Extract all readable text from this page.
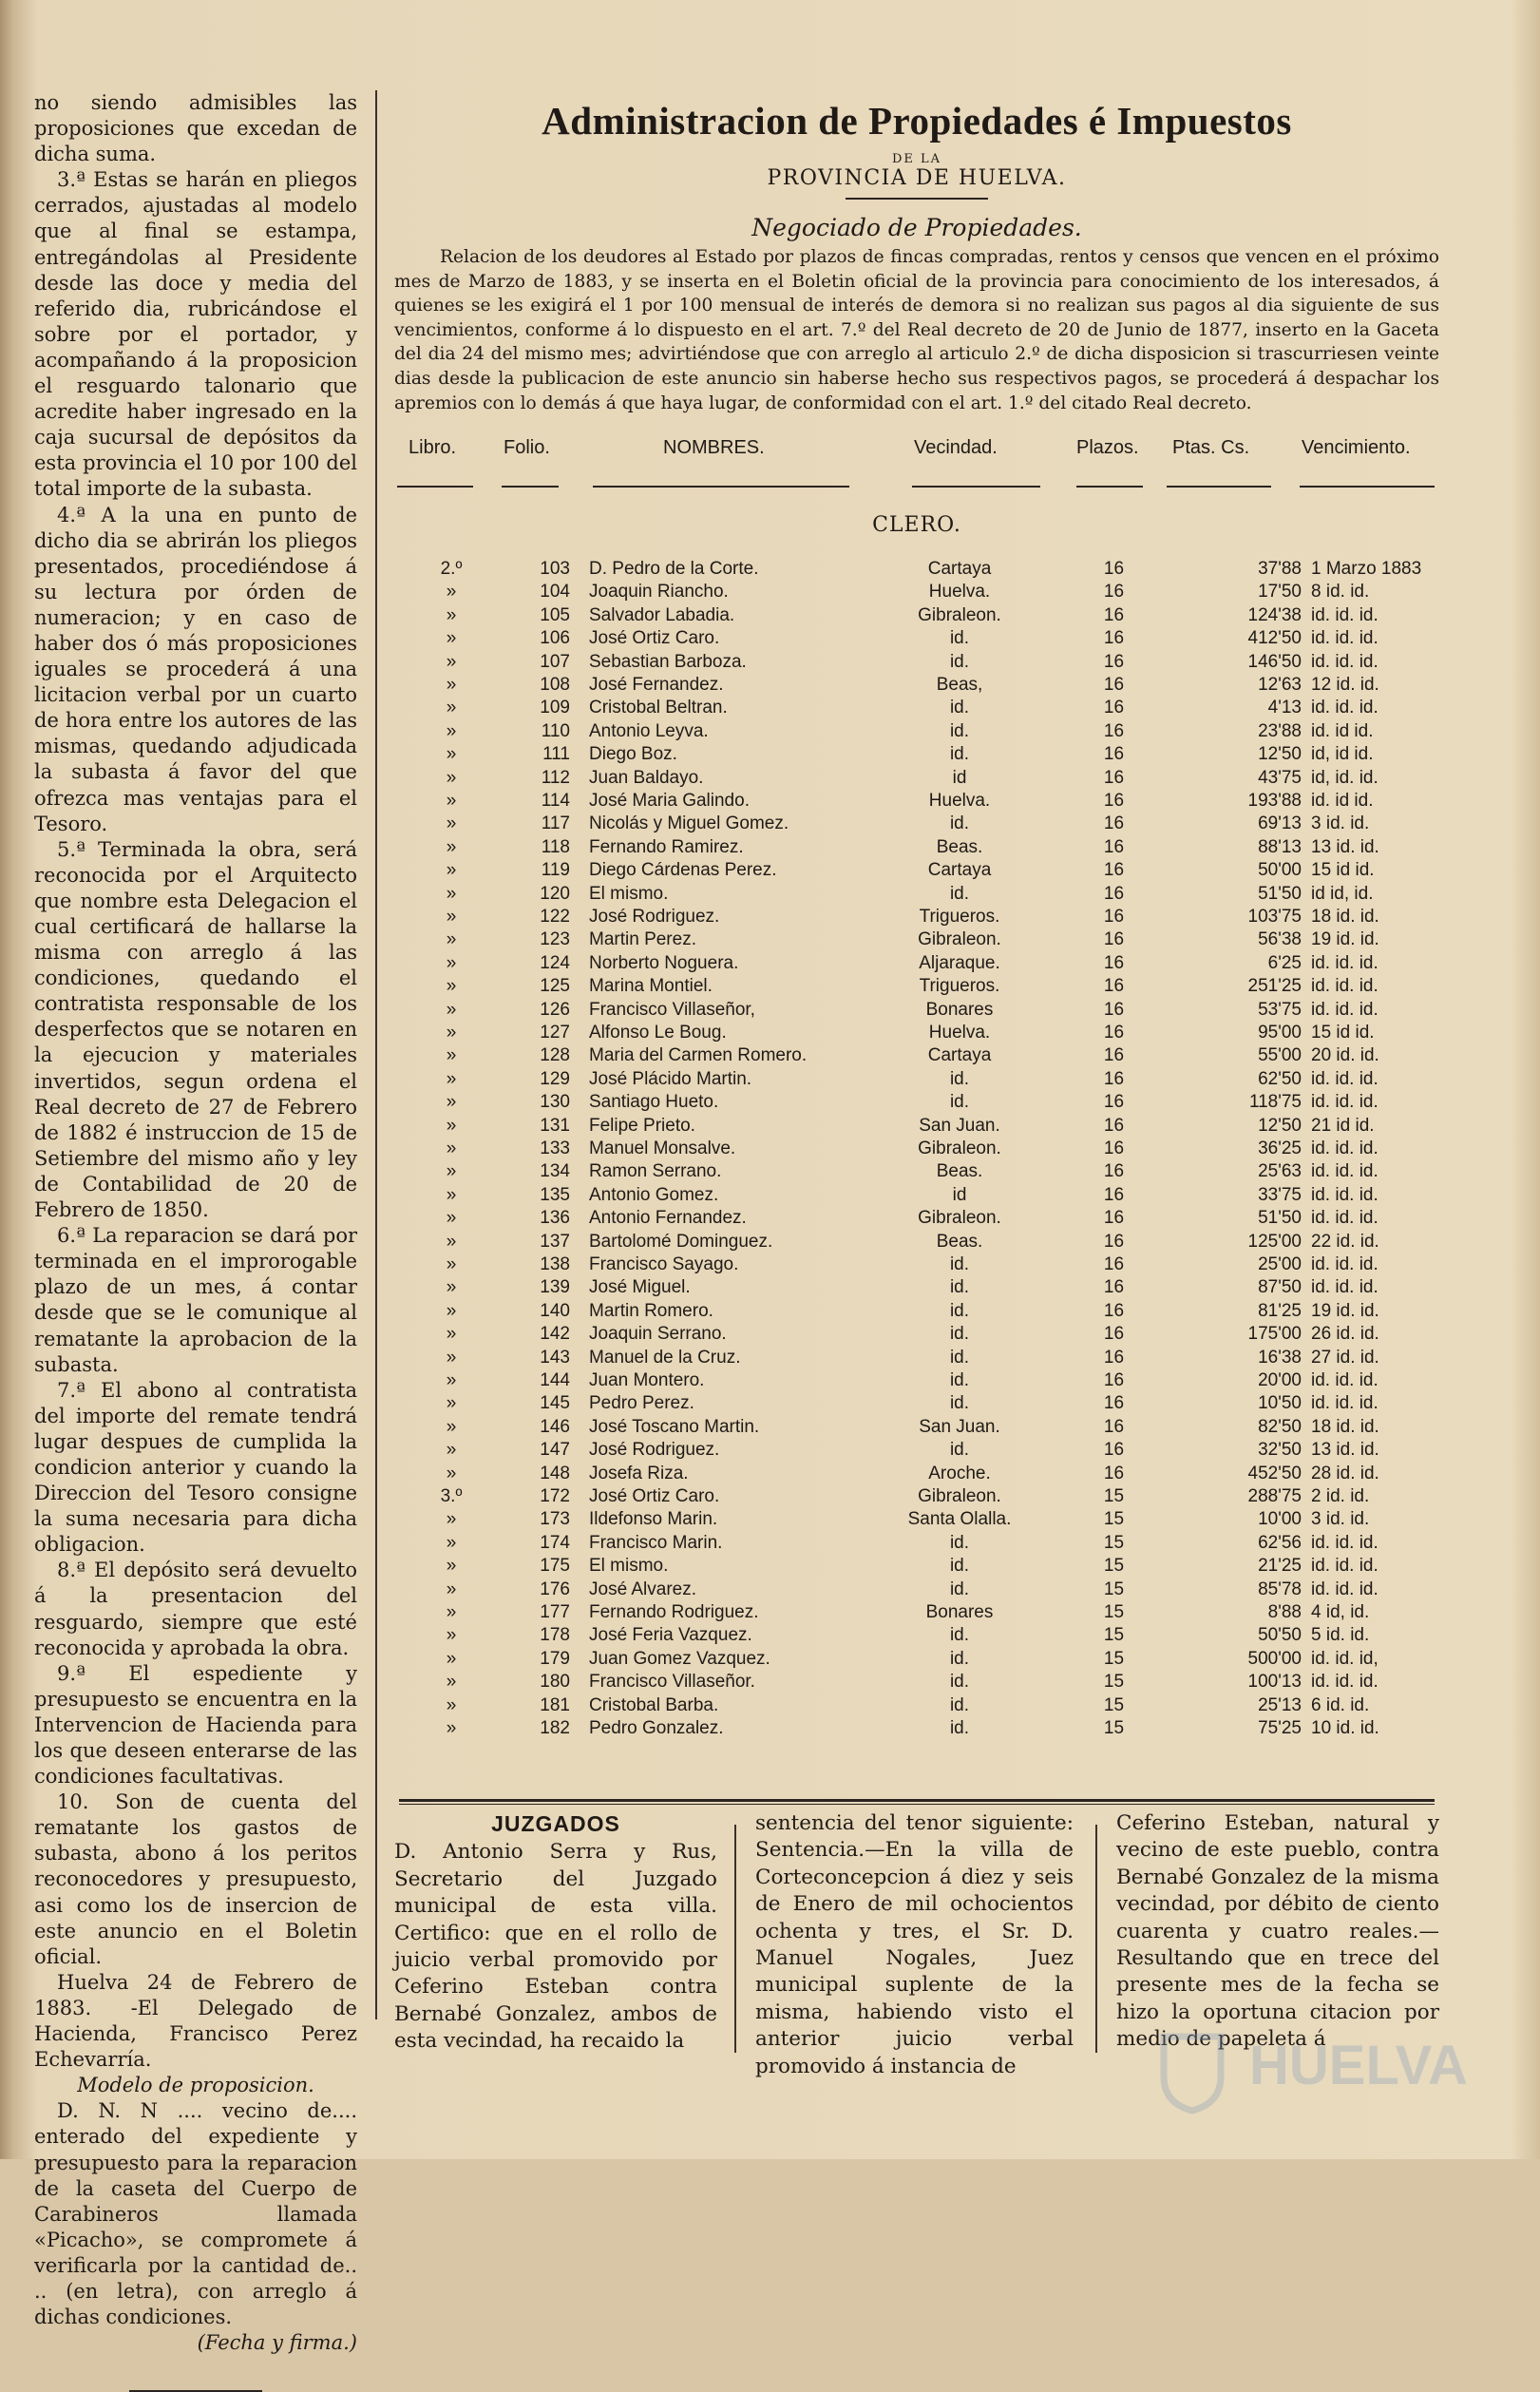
no siendo admisibles las proposiciones que excedan de dicha suma.

3.ª Estas se harán en pliegos cerrados, ajustadas al modelo que al final se estampa, entregándolas al Presidente desde las doce y media del referido dia, rubricándose el sobre por el portador, y acompañando á la proposicion el resguardo talonario que acredite haber ingresado en la caja sucursal de depósitos da esta provincia el 10 por 100 del total importe de la subasta.

4.ª A la una en punto de dicho dia se abrirán los pliegos presentados, procediéndose á su lectura por órden de numeracion; y en caso de haber dos ó más proposiciones iguales se procederá á una licitacion verbal por un cuarto de hora entre los autores de las mismas, quedando adjudicada la subasta á favor del que ofrezca mas ventajas para el Tesoro.

5.ª Terminada la obra, será reconocida por el Arquitecto que nombre esta Delegacion el cual certificará de hallarse la misma con arreglo á las condiciones, quedando el contratista responsable de los desperfectos que se notaren en la ejecucion y materiales invertidos, segun ordena el Real decreto de 27 de Febrero de 1882 é instruccion de 15 de Setiembre del mismo año y ley de Contabilidad de 20 de Febrero de 1850.

6.ª La reparacion se dará por terminada en el improrogable plazo de un mes, á contar desde que se le comunique al rematante la aprobacion de la subasta.

7.ª El abono al contratista del importe del remate tendrá lugar despues de cumplida la condicion anterior y cuando la Direccion del Tesoro consigne la suma necesaria para dicha obligacion.

8.ª El depósito será devuelto á la presentacion del resguardo, siempre que esté reconocida y aprobada la obra.

9.ª El espediente y presupuesto se encuentra en la Intervencion de Hacienda para los que deseen enterarse de las condiciones facultativas.

10. Son de cuenta del rematante los gastos de subasta, abono á los peritos reconocedores y presupuesto, asi como los de insercion de este anuncio en el Boletin oficial.

Huelva 24 de Febrero de 1883. -El Delegado de Hacienda, Francisco Perez Echevarría.

Modelo de proposicion.

D. N. N .... vecino de.... enterado del expediente y presupuesto para la reparacion de la caseta del Cuerpo de Carabineros llamada «Picacho», se compromete á verificarla por la cantidad de.. .. (en letra), con arreglo á dichas condiciones.

(Fecha y firma.)

Administracion de Propiedades é Impuestos
DE LA
PROVINCIA DE HUELVA.
Negociado de Propiedades.
Relacion de los deudores al Estado por plazos de fincas compradas, rentos y censos que vencen en el próximo mes de Marzo de 1883, y se inserta en el Boletin oficial de la provincia para conocimiento de los interesados, á quienes se les exigirá el 1 por 100 mensual de interés de demora si no realizan sus pagos al dia siguiente de sus vencimientos, conforme á lo dispuesto en el art. 7.º del Real decreto de 20 de Junio de 1877, inserto en la Gaceta del dia 24 del mismo mes; advirtiéndose que con arreglo al articulo 2.º de dicha disposicion si trascurriesen veinte dias desde la publicacion de este anuncio sin haberse hecho sus respectivos pagos, se procederá á despachar los apremios con lo demás á que haya lugar, de conformidad con el art. 1.º del citado Real decreto.
Libro. Folio.	NOMBRES.	Vecindad.	Plazos. Ptas. Cs.	Vencimiento.
CLERO.
2.º	103 D. Pedro de la Corte.	Cartaya	16	37'88 1 Marzo 1883
»	104 Joaquin Riancho.	Huelva.	16	17'50 8 id. id.
»	105 Salvador Labadia.	Gibraleon.	16	124'38 id. id. id.
»	106 José Ortiz Caro.	id.	16	412'50 id. id. id.
»	107 Sebastian Barboza.	id.	16	146'50 id. id. id.
»	108 José Fernandez.	Beas,	16	12'63 12 id. id.
»	109 Cristobal Beltran.	id.	16	4'13 id. id. id.
»	110 Antonio Leyva.	id.	16	23'88 id. id id.
»	111 Diego Boz.	id.	16	12'50 id, id id.
»	112 Juan Baldayo.	id	16	43'75 id, id. id.
»	114 José Maria Galindo.	Huelva.	16	193'88 id. id id.
»	117 Nicolás y Miguel Gomez.	id.	16	69'13 3 id. id.
»	118 Fernando Ramirez.	Beas.	16	88'13 13 id. id.
»	119 Diego Cárdenas Perez.	Cartaya	16	50'00 15 id id.
»	120 El mismo.	id.	16	51'50 id id, id.
»	122 José Rodriguez.	Trigueros.	16	103'75 18 id. id.
»	123 Martin Perez.	Gibraleon.	16	56'38 19 id. id.
»	124 Norberto Noguera.	Aljaraque.	16	6'25 id. id. id.
»	125 Marina Montiel.	Trigueros.	16	251'25 id. id. id.
»	126 Francisco Villaseñor,	Bonares	16	53'75 id. id. id.
»	127 Alfonso Le Boug.	Huelva.	16	95'00 15 id id.
»	128 Maria del Carmen Romero.	Cartaya	16	55'00 20 id. id.
»	129 José Plácido Martin.	id.	16	62'50 id. id. id.
»	130 Santiago Hueto.	id.	16	118'75 id. id. id.
»	131 Felipe Prieto.	San Juan.	16	12'50 21 id id.
»	133 Manuel Monsalve.	Gibraleon.	16	36'25 id. id. id.
»	134 Ramon Serrano.	Beas.	16	25'63 id. id. id.
»	135 Antonio Gomez.	id	16	33'75 id. id. id.
»	136 Antonio Fernandez.	Gibraleon.	16	51'50 id. id. id.
»	137 Bartolomé Dominguez.	Beas.	16	125'00 22 id. id.
»	138 Francisco Sayago.	id.	16	25'00 id. id. id.
»	139 José Miguel.	id.	16	87'50 id. id. id.
»	140 Martin Romero.	id.	16	81'25 19 id. id.
»	142 Joaquin Serrano.	id.	16	175'00 26 id. id.
»	143 Manuel de la Cruz.	id.	16	16'38 27 id. id.
»	144 Juan Montero.	id.	16	20'00 id. id. id.
»	145 Pedro Perez.	id.	16	10'50 id. id. id.
»	146 José Toscano Martin.	San Juan.	16	82'50 18 id. id.
»	147 José Rodriguez.	id.	16	32'50 13 id. id.
»	148 Josefa Riza.	Aroche.	16	452'50 28 id. id.
3.º	172 José Ortiz Caro.	Gibraleon.	15	288'75 2 id. id.
»	173 Ildefonso Marin.	Santa Olalla.	15	10'00 3 id. id.
»	174 Francisco Marin.	id.	15	62'56 id. id. id.
»	175 El mismo.	id.	15	21'25 id. id. id.
»	176 José Alvarez.	id.	15	85'78 id. id. id.
»	177 Fernando Rodriguez.	Bonares	15	8'88 4 id, id.
»	178 José Feria Vazquez.	id.	15	50'50 5 id. id.
»	179 Juan Gomez Vazquez.	id.	15	500'00 id. id. id,
»	180 Francisco Villaseñor.	id.	15	100'13 id. id. id.
»	181 Cristobal Barba.	id.	15	25'13 6 id. id.
»	182 Pedro Gonzalez.	id.	15	75'25 10 id. id.

JUZGADOS

D. Antonio Serra y Rus, Secretario del Juzgado municipal de esta villa. Certifico: que en el rollo de juicio verbal promovido por Ceferino Esteban contra Bernabé Gonzalez, ambos de esta vecindad, ha recaido la

sentencia del tenor siguiente: Sentencia.—En la villa de Corteconcepcion á diez y seis de Enero de mil ochocientos ochenta y tres, el Sr. D. Manuel Nogales, Juez municipal suplente de la misma, habiendo visto el anterior juicio verbal promovido á instancia de

Ceferino Esteban, natural y vecino de este pueblo, contra Bernabé Gonzalez de la misma vecindad, por débito de ciento cuarenta y cuatro reales.—Resultando que en trece del presente mes de la fecha se hizo la oportuna citacion por medio de papeleta á

HUELVA
